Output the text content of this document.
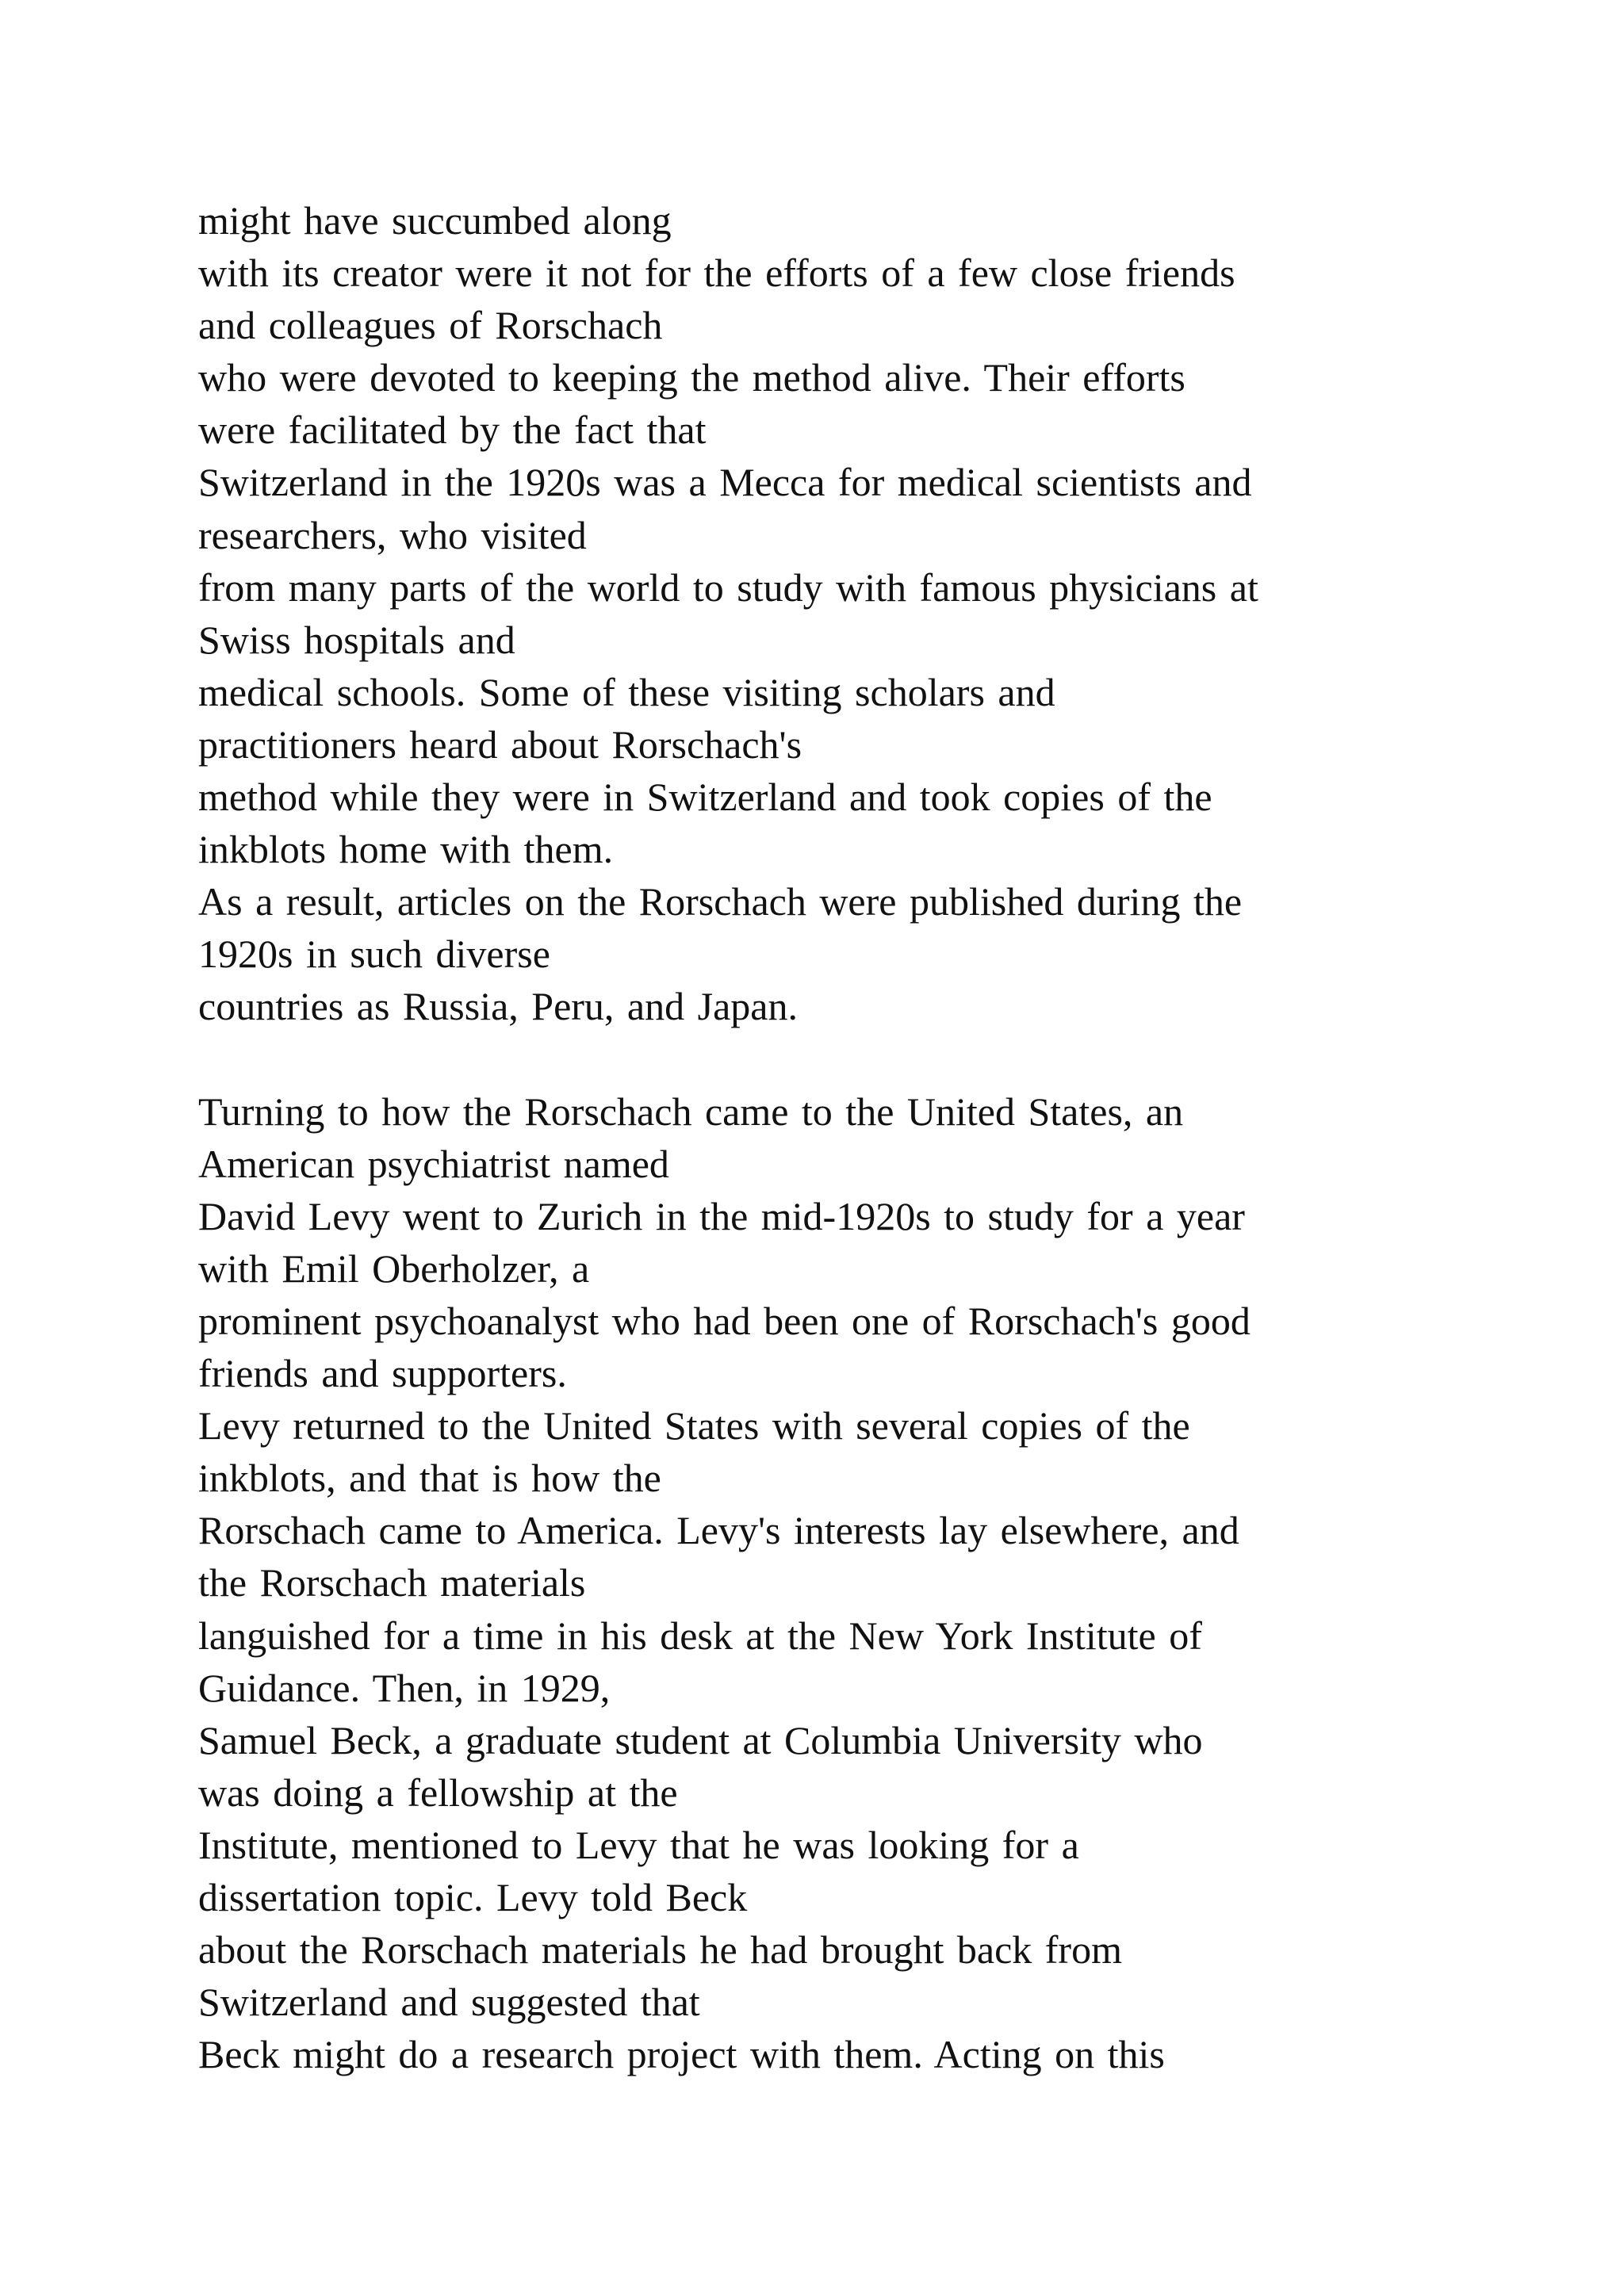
might have succumbed along
with its creator were it not for the efforts of a few close friends
and colleagues of Rorschach
who were devoted to keeping the method alive. Their efforts
were facilitated by the fact that
Switzerland in the 1920s was a Mecca for medical scientists and
researchers, who visited
from many parts of the world to study with famous physicians at
Swiss hospitals and
medical schools. Some of these visiting scholars and
practitioners heard about Rorschach's
method while they were in Switzerland and took copies of the
inkblots home with them.
As a result, articles on the Rorschach were published during the
1920s in such diverse
countries as Russia, Peru, and Japan.
Turning to how the Rorschach came to the United States, an
American psychiatrist named
David Levy went to Zurich in the mid-1920s to study for a year
with Emil Oberholzer, a
prominent psychoanalyst who had been one of Rorschach's good
friends and supporters.
Levy returned to the United States with several copies of the
inkblots, and that is how the
Rorschach came to America. Levy's interests lay elsewhere, and
the Rorschach materials
languished for a time in his desk at the New York Institute of
Guidance. Then, in 1929,
Samuel Beck, a graduate student at Columbia University who
was doing a fellowship at the
Institute, mentioned to Levy that he was looking for a
dissertation topic. Levy told Beck
about the Rorschach materials he had brought back from
Switzerland and suggested that
Beck might do a research project with them. Acting on this
